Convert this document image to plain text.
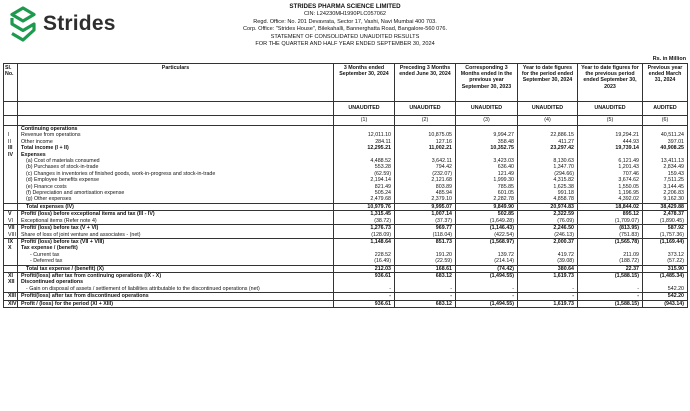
Strides
STRIDES PHARMA SCIENCE LIMITED
CIN: L24230MH1990PLC057062
Regd. Office: No. 201 Devavrata, Sector 17, Vashi, Navi Mumbai 400 703.
Corp. Office: "Strides House", Bilekahalli, Bannerghatta Road, Bangalore-560 076.
STATEMENT OF CONSOLIDATED UNAUDITED RESULTS
FOR THE QUARTER AND HALF YEAR ENDED SEPTEMBER 30, 2024
Rs. in Million
Sl. No.	Particulars	3 Months ended September 30, 2024	Preceding 3 Months ended June 30, 2024	Corresponding 3 Months ended in the previous year September 30, 2023	Year to date figures for the period ended September 30, 2024	Year to date figures for the previous period ended September 30, 2023	Previous year ended March 31, 2024
		UNAUDITED	UNAUDITED	UNAUDITED	UNAUDITED	UNAUDITED	AUDITED
		(1)	(2)	(3)	(4)	(5)	(6)
	Continuing operations						
I	Revenue from operations	12,011.10	10,875.05	9,994.27	22,886.15	19,294.21	40,511.24
II	Other income	284.11	127.16	358.48	411.27	444.93	397.01
III	Total income (I + II)	12,295.21	11,002.21	10,352.75	23,297.42	19,739.14	40,908.25
IV	Expenses						
	(a) Cost of materials consumed	4,488.52	3,642.11	3,423.03	8,130.63	6,121.49	13,411.13
	(b) Purchases of stock-in-trade	553.28	794.42	636.40	1,347.70	1,201.43	2,834.49
	(c) Changes in inventories of finished goods, work-in-progress and stock-in-trade	(62.59)	(232.07)	121.49	(294.66)	707.46	159.43
	(d) Employee benefits expense	2,194.14	2,121.68	1,999.30	4,315.82	3,674.62	7,511.25
	(e) Finance costs	821.49	803.89	785.85	1,625.38	1,550.05	3,144.45
	(f) Depreciation and amortisation expense	505.24	485.94	601.05	991.18	1,196.95	2,206.83
	(g) Other expenses	2,479.68	2,379.10	2,282.78	4,858.78	4,392.02	9,162.30
	Total expenses (IV)	10,979.76	9,995.07	9,849.90	20,974.83	18,844.02	38,429.88
V	Profit/ (loss) before exceptional items and tax (III - IV)	1,315.45	1,007.14	502.85	2,322.59	895.12	2,478.37
VI	Exceptional items (Refer note 4)	(38.72)	(37.37)	(1,649.28)	(76.09)	(1,709.07)	(1,890.45)
VII	Profit/ (loss) before tax (V + VI)	1,276.73	969.77	(1,146.43)	2,246.50	(813.95)	587.92
VIII	Share of loss of joint venture and associates - (net)	(128.09)	(118.04)	(422.54)	(246.13)	(751.83)	(1,757.36)
IX	Profit/ (loss) before tax (VII + VIII)	1,148.64	851.73	(1,568.97)	2,000.37	(1,565.78)	(1,169.44)
X	Tax expense / (benefit)						
	- Current tax	228.52	191.20	139.72	419.72	211.09	373.12
	- Deferred tax	(16.49)	(22.59)	(214.14)	(39.08)	(188.72)	(57.22)
	Total tax expense / (benefit) (X)	212.03	168.61	(74.42)	380.64	22.37	315.90
XI	Profit/(loss) after tax from continuing operations (IX - X)	936.61	683.12	(1,494.55)	1,619.73	(1,588.15)	(1,485.34)
XII	Discontinued operations						
	- Gain on disposal of assets / settlement of liabilities attributable to the discontinued operations (net)	-	-	-	-	-	542.20
XIII	Profit/(loss) after tax from discontinued operations	-	-	-	-	-	542.20
XIV	Profit / (loss) for the period (XI + XIII)	936.61	683.12	(1,494.55)	1,619.73	(1,588.15)	(943.14)
